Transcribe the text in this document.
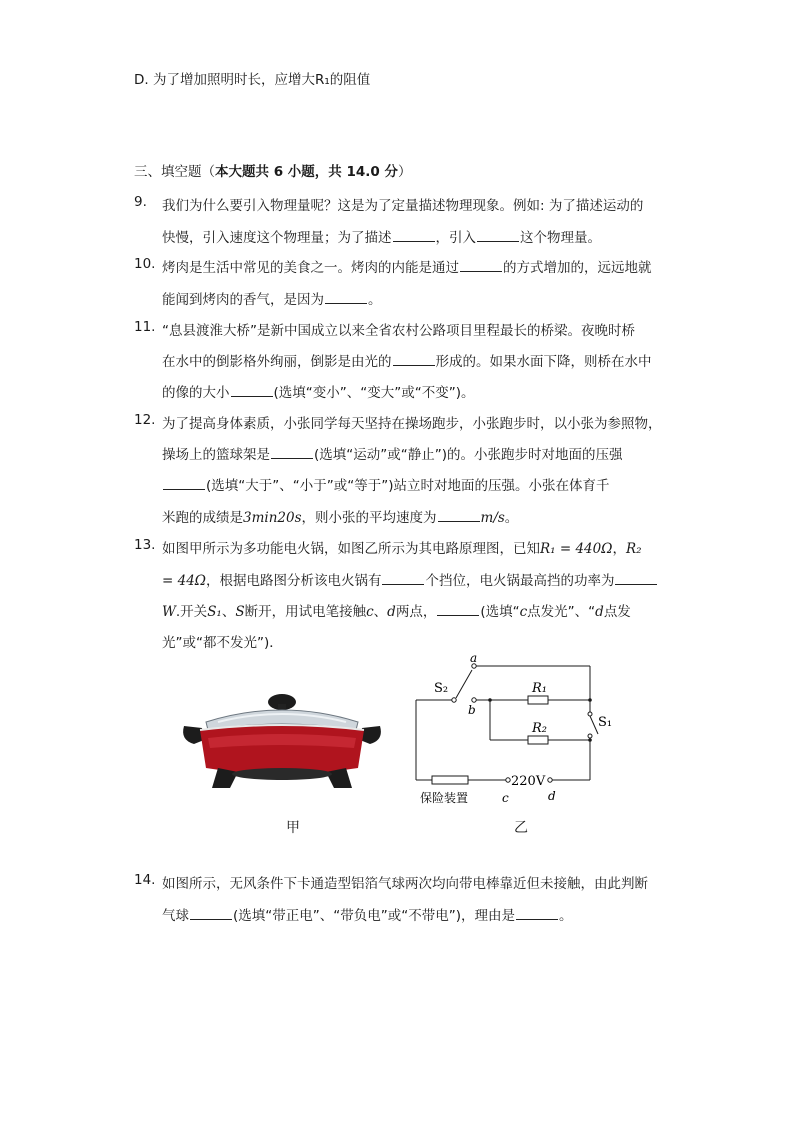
D. 为了增加照明时长，应增大R₁的阻值
三、填空题（本大题共 6 小题，共 14.0 分）
9. 我们为什么要引入物理量呢？这是为了定量描述物理现象。例如: 为了描述运动的
快慢，引入速度这个物理量；为了描述	，引入	这个物理量。
10. 烤肉是生活中常见的美食之一。烤肉的内能是通过	的方式增加的，远远地就
能闻到烤肉的香气，是因为	。
11. “息县渡淮大桥”是新中国成立以来全省农村公路项目里程最长的桥梁。夜晚时桥
在水中的倒影格外绚丽，倒影是由光的	形成的。如果水面下降，则桥在水中
的像的大小	(选填“变小”、“变大”或“不变”)。
12. 为了提高身体素质，小张同学每天坚持在操场跑步，小张跑步时，以小张为参照物，
操场上的篮球架是	(选填“运动”或“静止”)的。小张跑步时对地面的压强
(选填“大于”、“小于”或“等于”)站立时对地面的压强。小张在体育千
米跑的成绩是3min20s，则小张的平均速度为	m/s。
13. 如图甲所示为多功能电火锅，如图乙所示为其电路原理图，已知R₁ = 440Ω，R₂
= 44Ω，根据电路图分析该电火锅有	个挡位，电火锅最高挡的功率为
W.开关S₁、S断开，用试电笔接触c、d两点，	(选填“c点发光”、“d点发
光”或“都不发光”)．
甲
a
b
S₂
S₁
R₁
R₂
220V
c	d
保险装置
乙
14. 如图所示，无风条件下卡通造型铝箔气球两次均向带电棒靠近但未接触，由此判断
气球	(选填“带正电”、“带负电”或“不带电”)，理由是	。
